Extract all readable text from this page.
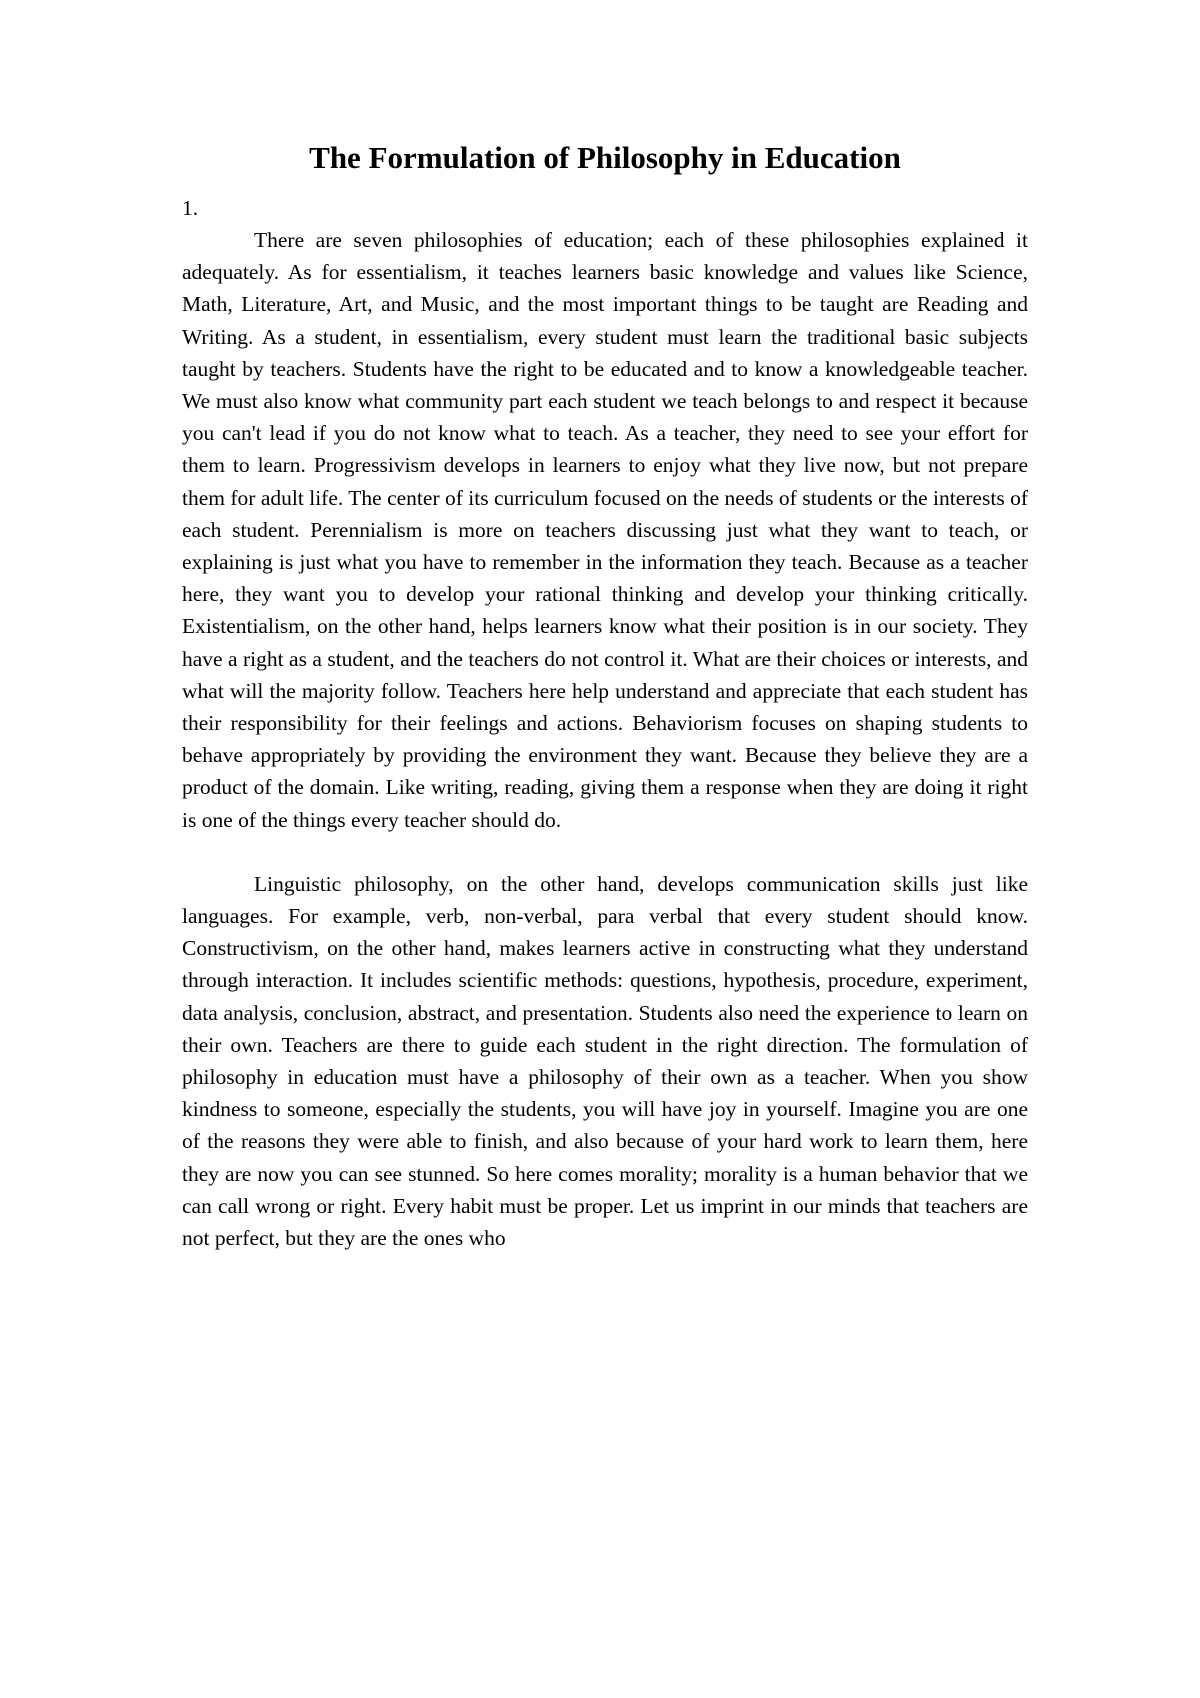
The Formulation of Philosophy in Education

1.

There are seven philosophies of education; each of these philosophies explained it adequately. As for essentialism, it teaches learners basic knowledge and values like Science, Math, Literature, Art, and Music, and the most important things to be taught are Reading and Writing. As a student, in essentialism, every student must learn the traditional basic subjects taught by teachers. Students have the right to be educated and to know a knowledgeable teacher. We must also know what community part each student we teach belongs to and respect it because you can't lead if you do not know what to teach. As a teacher, they need to see your effort for them to learn. Progressivism develops in learners to enjoy what they live now, but not prepare them for adult life. The center of its curriculum focused on the needs of students or the interests of each student. Perennialism is more on teachers discussing just what they want to teach, or explaining is just what you have to remember in the information they teach. Because as a teacher here, they want you to develop your rational thinking and develop your thinking critically. Existentialism, on the other hand, helps learners know what their position is in our society. They have a right as a student, and the teachers do not control it. What are their choices or interests, and what will the majority follow. Teachers here help understand and appreciate that each student has their responsibility for their feelings and actions. Behaviorism focuses on shaping students to behave appropriately by providing the environment they want. Because they believe they are a product of the domain. Like writing, reading, giving them a response when they are doing it right is one of the things every teacher should do.

Linguistic philosophy, on the other hand, develops communication skills just like languages. For example, verb, non-verbal, para verbal that every student should know. Constructivism, on the other hand, makes learners active in constructing what they understand through interaction. It includes scientific methods: questions, hypothesis, procedure, experiment, data analysis, conclusion, abstract, and presentation. Students also need the experience to learn on their own. Teachers are there to guide each student in the right direction. The formulation of philosophy in education must have a philosophy of their own as a teacher. When you show kindness to someone, especially the students, you will have joy in yourself. Imagine you are one of the reasons they were able to finish, and also because of your hard work to learn them, here they are now you can see stunned. So here comes morality; morality is a human behavior that we can call wrong or right. Every habit must be proper. Let us imprint in our minds that teachers are not perfect, but they are the ones who
